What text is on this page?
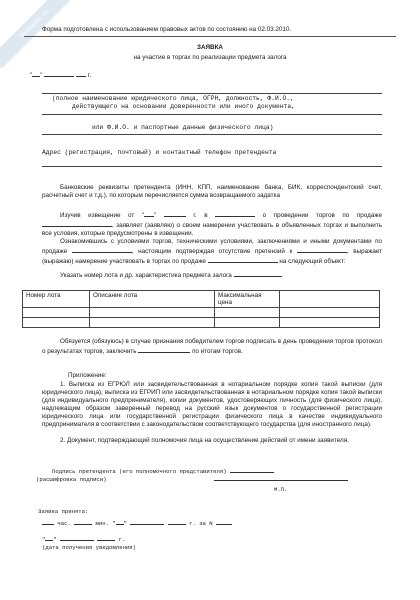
NoNaMe.ru
Форма подготовлена с использованием правовых актов по состоянию на 02.03.2010.
ЗАЯВКА
на участие в торгах по реализации предмета залога
" "	г.
(полное наименование юридического лица, ОГРН, должность, Ф.И.О.,
действующего на основании доверенности или иного документа,
или Ф.И.О. и паспортные данные физического лица)
Адрес (регистрация, почтовый) и контактный телефон претендента
Банковские реквизиты претендента (ИНН, КПП, наименование банка, БИК, корреспондентский счет, расчетный счет и т.д.), по которым перечисляется сумма возвращаемого задатка
Изучив извещение от " "	г. в	о проведении торгов по продаже , заявляет (заявляю) о своем намерении участвовать в объявленных торгах и выполнить все условия, которые предусмотрены в извещении.
Ознакомившись с условиями торгов, техническими условиями, заключениями и иными документами по продаже	, настоящим подтверждая отсутствие претензий к	, выражает (выражаю) намерение участвовать в торгах по продаже	на следующий объект:
Указать номер лота и др. характеристика предмета залога
Номер лота	Описание лота	Максимальная цена	

Обязуется (обязуюсь) в случае признания победителем торгов подписать в день проведения торгов протокол о результатах торгов, заключить	по итогам торгов.
Приложение:
1. Выписка из ЕГРЮЛ или засвидетельствованная в нотариальном порядке копия такой выписки (для юридического лица), выписка из ЕГРИП или засвидетельствованная в нотариальном порядке копия такой выписки (для индивидуального предпринимателя), копии документов, удостоверяющих личность (для физического лица), надлежащим образом заверенный перевод на русский язык документов о государственной регистрации юридического лица или государственной регистрации физического лица в качестве индивидуального предпринимателя в соответствии с законодательством соответствующего государства (для иностранного лица).
2. Документ, подтверждающий полномочия лица на осуществление действий от имени заявителя.
Подпись претендента (его полномочного представителя)
(расшифровка подписи)
М.П.
Заявка принята:
час.	мин. " "	г. за N
" "	г.
(дата получения уведомления)
